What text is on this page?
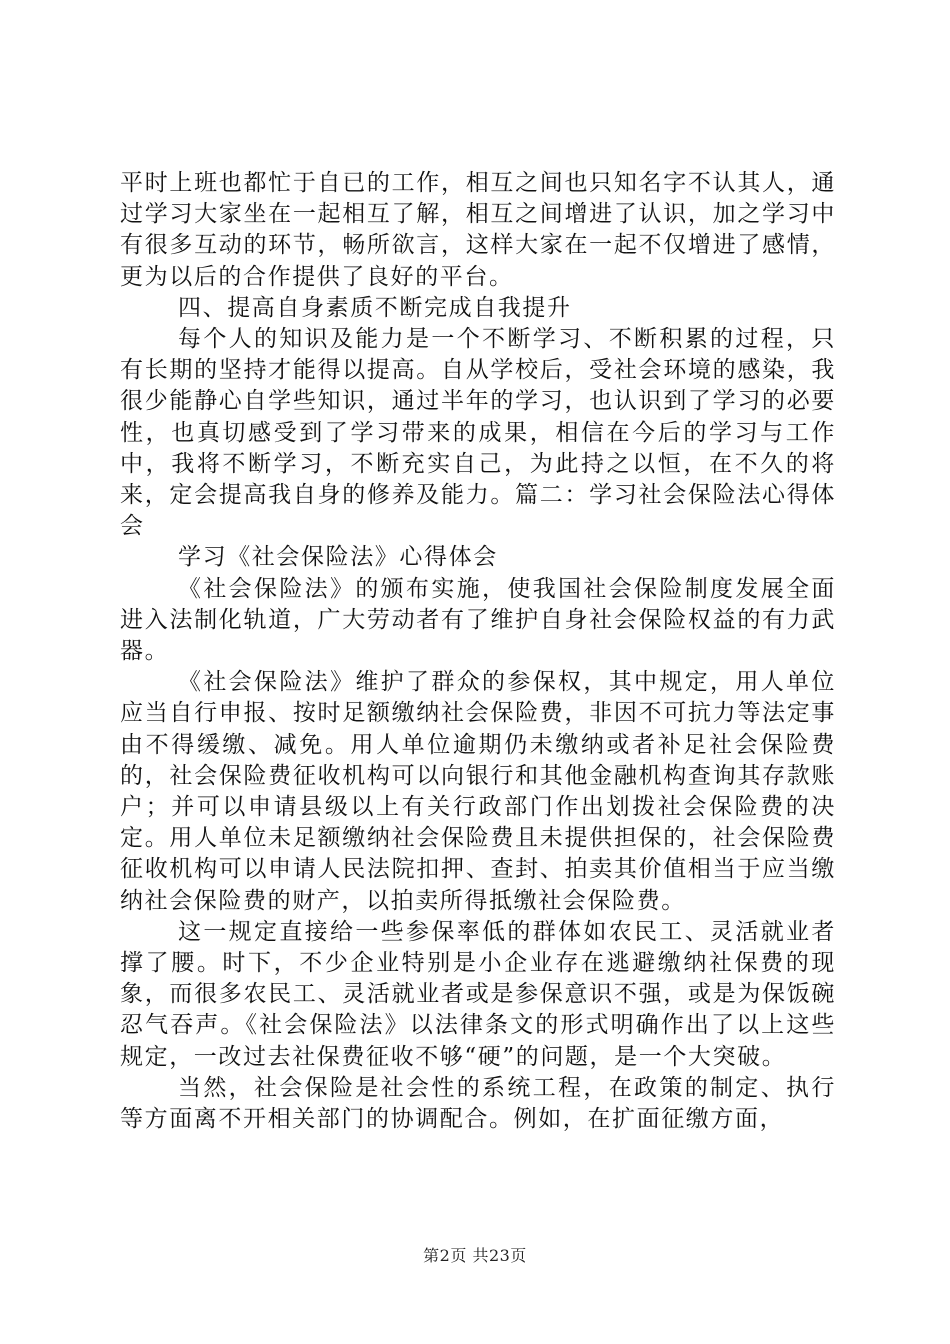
平时上班也都忙于自已的工作，相互之间也只知名字不认其人，通过学习大家坐在一起相互了解，相互之间增进了认识，加之学习中有很多互动的环节，畅所欲言，这样大家在一起不仅增进了感情，更为以后的合作提供了良好的平台。

四、提高自身素质不断完成自我提升

每个人的知识及能力是一个不断学习、不断积累的过程，只有长期的坚持才能得以提高。自从学校后，受社会环境的感染，我很少能静心自学些知识，通过半年的学习，也认识到了学习的必要性，也真切感受到了学习带来的成果，相信在今后的学习与工作中，我将不断学习，不断充实自己，为此持之以恒，在不久的将来，定会提高我自身的修养及能力。篇二：学习社会保险法心得体会

学习《社会保险法》心得体会

《社会保险法》的颁布实施，使我国社会保险制度发展全面进入法制化轨道，广大劳动者有了维护自身社会保险权益的有力武器。

《社会保险法》维护了群众的参保权，其中规定，用人单位应当自行申报、按时足额缴纳社会保险费，非因不可抗力等法定事由不得缓缴、减免。用人单位逾期仍未缴纳或者补足社会保险费的，社会保险费征收机构可以向银行和其他金融机构查询其存款账户；并可以申请县级以上有关行政部门作出划拨社会保险费的决定。用人单位未足额缴纳社会保险费且未提供担保的，社会保险费征收机构可以申请人民法院扣押、查封、拍卖其价值相当于应当缴纳社会保险费的财产，以拍卖所得抵缴社会保险费。

这一规定直接给一些参保率低的群体如农民工、灵活就业者撑了腰。时下，不少企业特别是小企业存在逃避缴纳社保费的现象，而很多农民工、灵活就业者或是参保意识不强，或是为保饭碗忍气吞声。《社会保险法》以法律条文的形式明确作出了以上这些规定，一改过去社保费征收不够“硬”的问题，是一个大突破。

当然，社会保险是社会性的系统工程，在政策的制定、执行等方面离不开相关部门的协调配合。例如，在扩面征缴方面，

第2页 共23页
